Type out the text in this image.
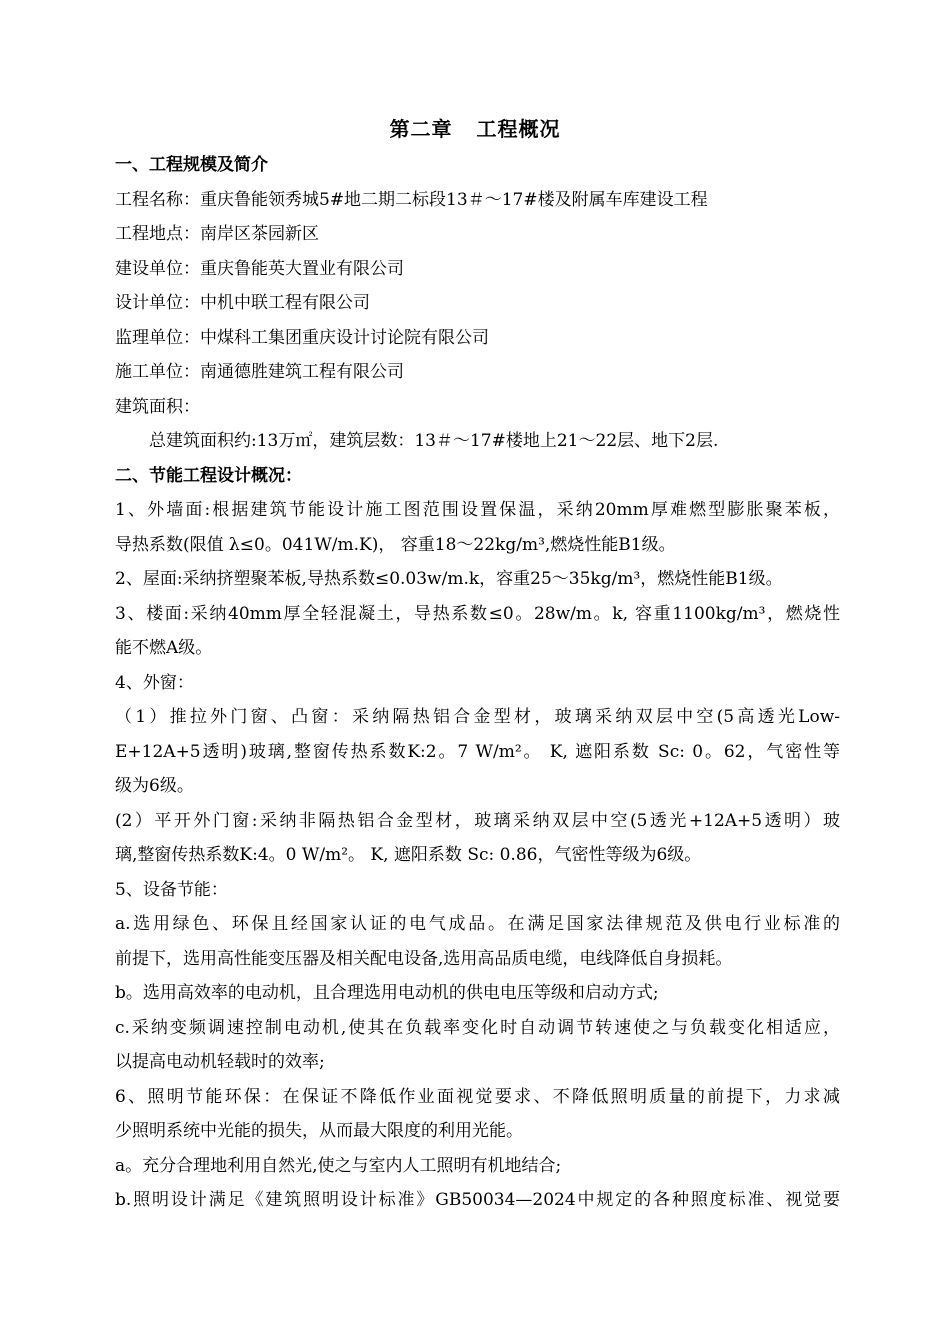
第二章 工程概况
一、工程规模及简介
工程名称：重庆鲁能领秀城5#地二期二标段13＃～17#楼及附属车库建设工程
工程地点：南岸区茶园新区
建设单位：重庆鲁能英大置业有限公司
设计单位：中机中联工程有限公司
监理单位：中煤科工集团重庆设计讨论院有限公司
施工单位：南通德胜建筑工程有限公司
建筑面积：
总建筑面积约:13万㎡，建筑层数：13＃～17#楼地上21～22层、地下2层.
二、节能工程设计概况：
1、外墙面:根据建筑节能设计施工图范围设置保温，采纳20mm厚难燃型膨胀聚苯板，
导热系数(限值 λ≤0。041W/m.K)， 容重18～22kg/m³,燃烧性能B1级。
2、屋面:采纳挤塑聚苯板,导热系数≤0.03w/m.k，容重25～35kg/m³，燃烧性能B1级。
3、楼面:采纳40mm厚全轻混凝土，导热系数≤0。28w/m。k, 容重1100kg/m³，燃烧性
能不燃A级。
4、外窗：
（1）推拉外门窗、凸窗：采纳隔热铝合金型材，玻璃采纳双层中空(5高透光Low-
E+12A+5透明)玻璃,整窗传热系数K:2。7 W/m²。 K, 遮阳系数 Sc: 0。62，气密性等
级为6级。
(2）平开外门窗:采纳非隔热铝合金型材，玻璃采纳双层中空(5透光+12A+5透明）玻
璃,整窗传热系数K:4。0 W/m²。 K, 遮阳系数 Sc: 0.86，气密性等级为6级。
5、设备节能：
a.选用绿色、环保且经国家认证的电气成品。在满足国家法律规范及供电行业标准的
前提下，选用高性能变压器及相关配电设备,选用高品质电缆，电线降低自身损耗。
b。选用高效率的电动机，且合理选用电动机的供电电压等级和启动方式;
c.采纳变频调速控制电动机,使其在负载率变化时自动调节转速使之与负载变化相适应，
以提高电动机轻载时的效率;
6、照明节能环保：在保证不降低作业面视觉要求、不降低照明质量的前提下，力求减
少照明系统中光能的损失，从而最大限度的利用光能。
a。充分合理地利用自然光,使之与室内人工照明有机地结合;
b.照明设计满足《建筑照明设计标准》GB50034—2024中规定的各种照度标准、视觉要
